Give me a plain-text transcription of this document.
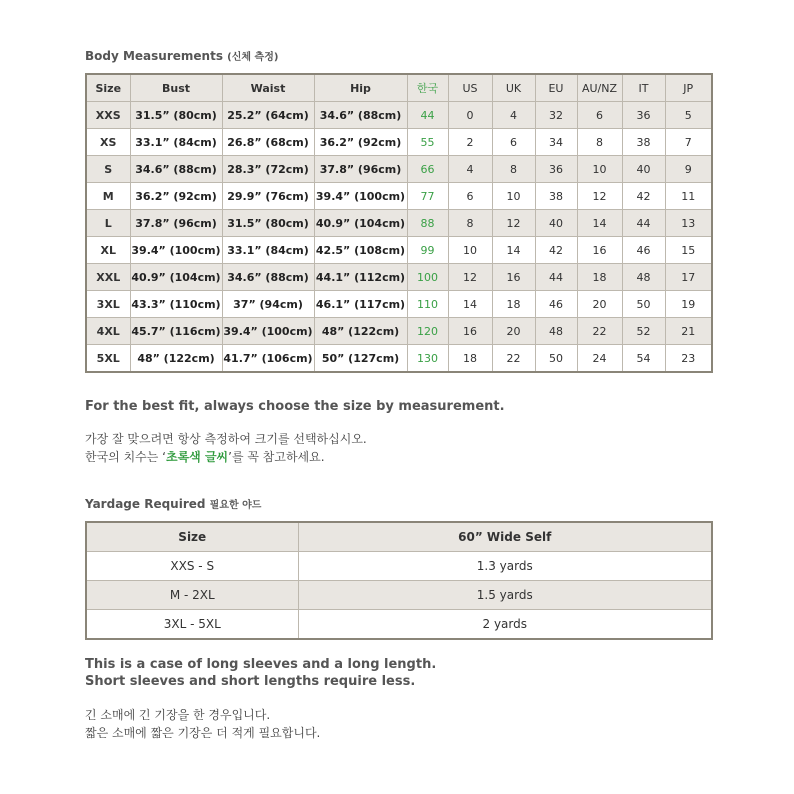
Body Measurements (신체 측정)

Size	Bust	Waist	Hip	한국	US	UK	EU	AU/NZ	IT	JP
XXS	31.5” (80cm)	25.2” (64cm)	34.6” (88cm)	44	0	4	32	6	36	5
XS	33.1” (84cm)	26.8” (68cm)	36.2” (92cm)	55	2	6	34	8	38	7
S	34.6” (88cm)	28.3” (72cm)	37.8” (96cm)	66	4	8	36	10	40	9
M	36.2” (92cm)	29.9” (76cm)	39.4” (100cm)	77	6	10	38	12	42	11
L	37.8” (96cm)	31.5” (80cm)	40.9” (104cm)	88	8	12	40	14	44	13
XL	39.4” (100cm)	33.1” (84cm)	42.5” (108cm)	99	10	14	42	16	46	15
XXL	40.9” (104cm)	34.6” (88cm)	44.1” (112cm)	100	12	16	44	18	48	17
3XL	43.3” (110cm)	37” (94cm)	46.1” (117cm)	110	14	18	46	20	50	19
4XL	45.7” (116cm)	39.4” (100cm)	48” (122cm)	120	16	20	48	22	52	21
5XL	48” (122cm)	41.7” (106cm)	50” (127cm)	130	18	22	50	24	54	23

For the best fit, always choose the size by measurement.

가장 잘 맞으려면 항상 측정하여 크기를 선택하십시오.

한국의 치수는 ‘초록색 글씨’를 꼭 참고하세요.

Yardage Required 필요한 야드

Size	60” Wide Self
XXS - S	1.3 yards
M - 2XL	1.5 yards
3XL - 5XL	2 yards

This is a case of long sleeves and a long length.

Short sleeves and short lengths require less.

긴 소매에 긴 기장을 한 경우입니다.

짧은 소매에 짧은 기장은 더 적게 필요합니다.
